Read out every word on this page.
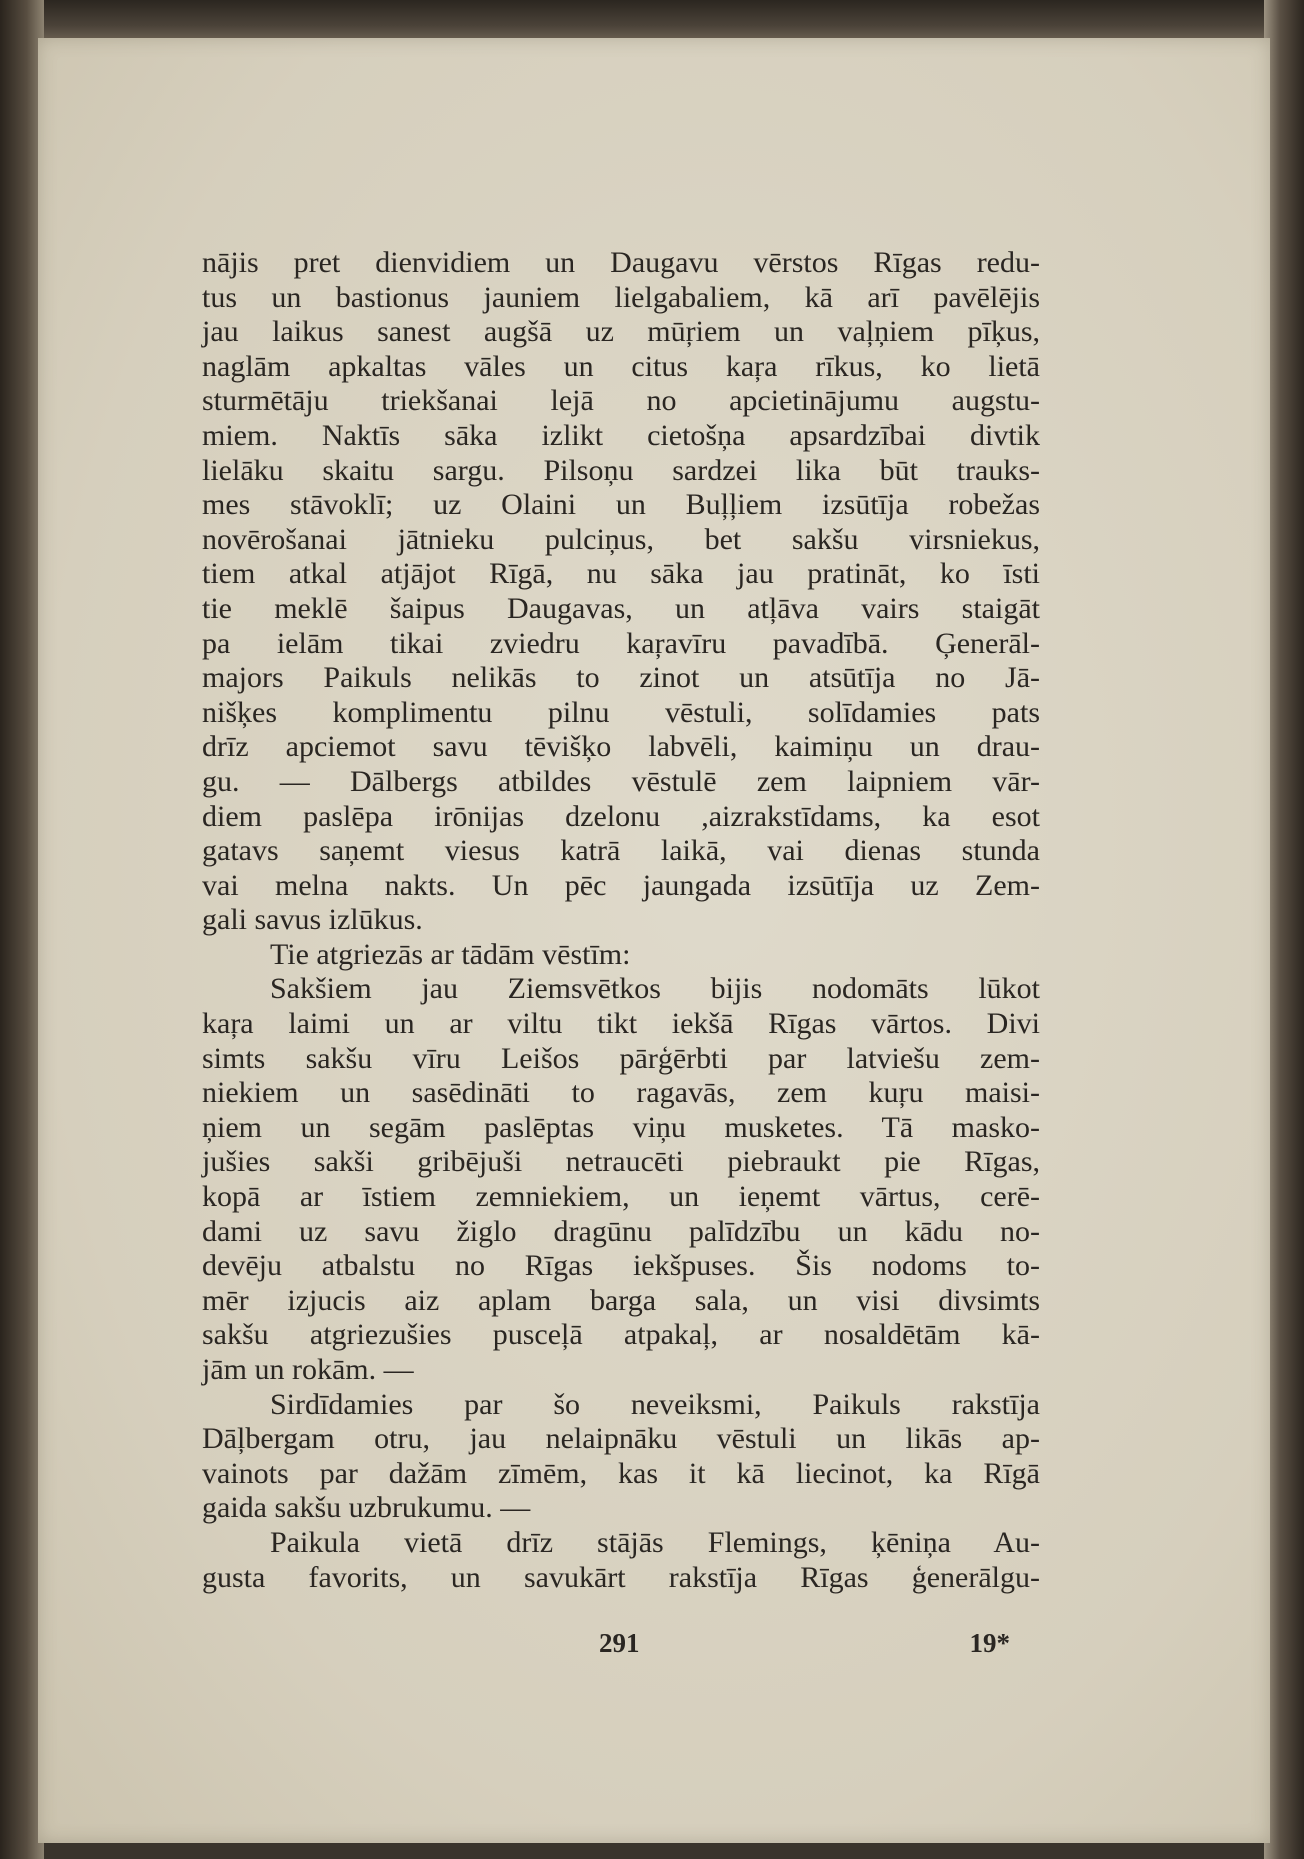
nājis pret dienvidiem un Daugavu vērstos Rīgas redu-
tus un bastionus jauniem lielgabaliem, kā arī pavēlējis
jau laikus sanest augšā uz mūŗiem un vaļņiem pīķus,
naglām apkaltas vāles un citus kaŗa rīkus, ko lietā
sturmētāju triekšanai lejā no apcietinājumu augstu-
miem. Naktīs sāka izlikt cietošņa apsardzībai divtik
lielāku skaitu sargu. Pilsoņu sardzei lika būt trauks-
mes stāvoklī; uz Olaini un Buļļiem izsūtīja robežas
novērošanai jātnieku pulciņus, bet sakšu virsniekus,
tiem atkal atjājot Rīgā, nu sāka jau pratināt, ko īsti
tie meklē šaipus Daugavas, un atļāva vairs staigāt
pa ielām tikai zviedru kaŗavīru pavadībā. Ģenerāl-
majors Paikuls nelikās to zinot un atsūtīja no Jā-
nišķes komplimentu pilnu vēstuli, solīdamies pats
drīz apciemot savu tēvišķo labvēli, kaimiņu un drau-
gu. — Dālbergs atbildes vēstulē zem laipniem vār-
diem paslēpa irōnijas dzelonu ,aizrakstīdams, ka esot
gatavs saņemt viesus katrā laikā, vai dienas stunda
vai melna nakts. Un pēc jaungada izsūtīja uz Zem-
gali savus izlūkus.
Tie atgriezās ar tādām vēstīm:
Sakšiem jau Ziemsvētkos bijis nodomāts lūkot
kaŗa laimi un ar viltu tikt iekšā Rīgas vārtos. Divi
simts sakšu vīru Leišos pārģērbti par latviešu zem-
niekiem un sasēdināti to ragavās, zem kuŗu maisi-
ņiem un segām paslēptas viņu musketes. Tā masko-
jušies sakši gribējuši netraucēti piebraukt pie Rīgas,
kopā ar īstiem zemniekiem, un ieņemt vārtus, cerē-
dami uz savu žiglo dragūnu palīdzību un kādu no-
devēju atbalstu no Rīgas iekšpuses. Šis nodoms to-
mēr izjucis aiz aplam barga sala, un visi divsimts
sakšu atgriezušies pusceļā atpakaļ, ar nosaldētām kā-
jām un rokām. —
Sirdīdamies par šo neveiksmi, Paikuls rakstīja
Dāļbergam otru, jau nelaipnāku vēstuli un likās ap-
vainots par dažām zīmēm, kas it kā liecinot, ka Rīgā
gaida sakšu uzbrukumu. —
Paikula vietā drīz stājās Flemings, ķēniņa Au-
gusta favorits, un savukārt rakstīja Rīgas ģenerālgu-
291	19*
